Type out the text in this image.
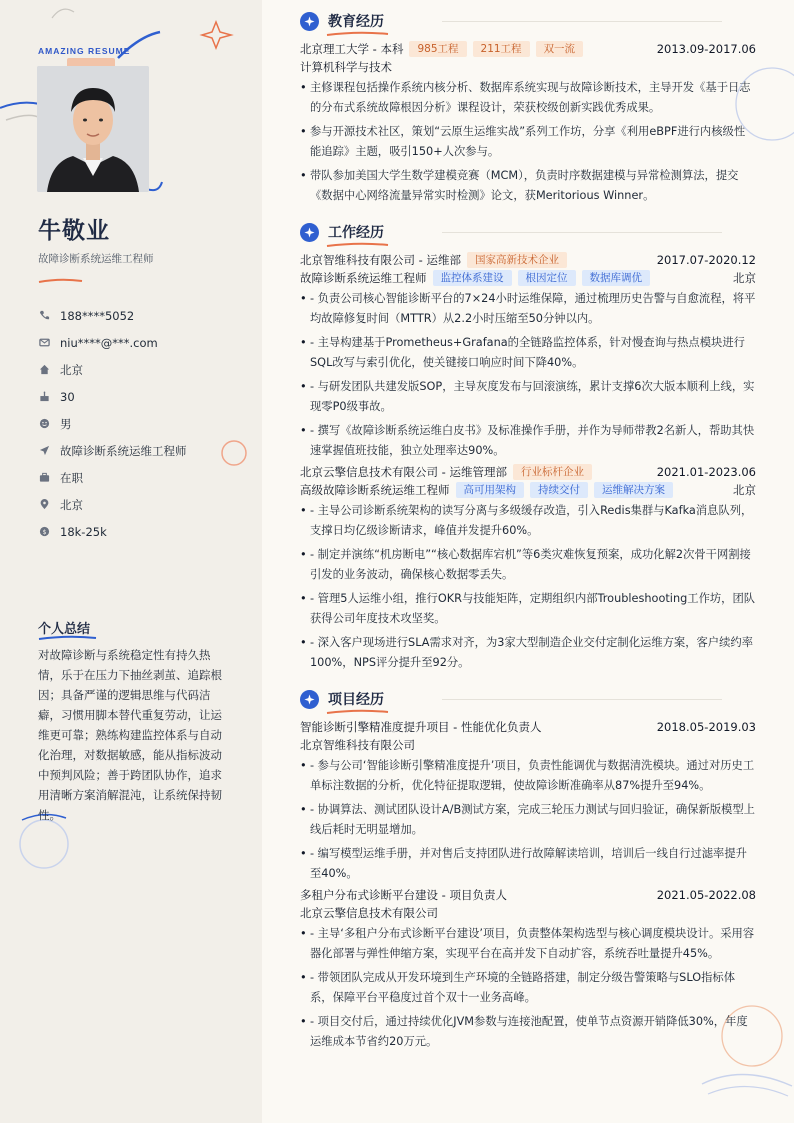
AMAZING RESUME
牛敬业
故障诊断系统运维工程师
188****5052
niu****@***.com
北京
30
男
故障诊断系统运维工程师
在职
北京
$ 18k-25k
个人总结
对故障诊断与系统稳定性有持久热情，乐于在压力下抽丝剥茧、追踪根因；具备严谨的逻辑思维与代码洁癖，习惯用脚本替代重复劳动，让运维更可靠；熟练构建监控体系与自动化治理，对数据敏感，能从指标波动中预判风险；善于跨团队协作，追求用清晰方案消解混沌，让系统保持韧性。
教育经历
北京理工大学 - 本科	985工程	211工程	双一流	2013.09-2017.06
计算机科学与技术
• 主修课程包括操作系统内核分析、数据库系统实现与故障诊断技术，主导开发《基于日志的分布式系统故障根因分析》课程设计，荣获校级创新实践优秀成果。
• 参与开源技术社区，策划“云原生运维实战”系列工作坊，分享《利用eBPF进行内核级性能追踪》主题，吸引150+人次参与。
• 带队参加美国大学生数学建模竞赛（MCM），负责时序数据建模与异常检测算法，提交《数据中心网络流量异常实时检测》论文，获Meritorious Winner。
工作经历
北京智维科技有限公司 - 运维部	国家高新技术企业	2017.07-2020.12
故障诊断系统运维工程师	监控体系建设	根因定位	数据库调优	北京
• - 负责公司核心智能诊断平台的7×24小时运维保障，通过梳理历史告警与自愈流程，将平均故障修复时间（MTTR）从2.2小时压缩至50分钟以内。
• - 主导构建基于Prometheus+Grafana的全链路监控体系，针对慢查询与热点模块进行SQL改写与索引优化，使关键接口响应时间下降40%。
• - 与研发团队共建发版SOP，主导灰度发布与回滚演练，累计支撑6次大版本顺利上线，实现零P0级事故。
• - 撰写《故障诊断系统运维白皮书》及标准操作手册，并作为导师带教2名新人，帮助其快速掌握值班技能，独立处理率达90%。
北京云擎信息技术有限公司 - 运维管理部	行业标杆企业	2021.01-2023.06
高级故障诊断系统运维工程师	高可用架构	持续交付	运维解决方案	北京
• - 主导公司诊断系统架构的读写分离与多级缓存改造，引入Redis集群与Kafka消息队列，支撑日均亿级诊断请求，峰值并发提升60%。
• - 制定并演练“机房断电”“核心数据库宕机”等6类灾难恢复预案，成功化解2次骨干网割接引发的业务波动，确保核心数据零丢失。
• - 管理5人运维小组，推行OKR与技能矩阵，定期组织内部Troubleshooting工作坊，团队获得公司年度技术攻坚奖。
• - 深入客户现场进行SLA需求对齐，为3家大型制造企业交付定制化运维方案，客户续约率100%，NPS评分提升至92分。
项目经历
智能诊断引擎精准度提升项目 - 性能优化负责人	2018.05-2019.03
北京智维科技有限公司
• - 参与公司‘智能诊断引擎精准度提升’项目，负责性能调优与数据清洗模块。通过对历史工单标注数据的分析，优化特征提取逻辑，使故障诊断准确率从87%提升至94%。
• - 协调算法、测试团队设计A/B测试方案，完成三轮压力测试与回归验证，确保新版模型上线后耗时无明显增加。
• - 编写模型运维手册，并对售后支持团队进行故障解读培训，培训后一线自行过滤率提升至40%。
多租户分布式诊断平台建设 - 项目负责人	2021.05-2022.08
北京云擎信息技术有限公司
• - 主导‘多租户分布式诊断平台建设’项目，负责整体架构选型与核心调度模块设计。采用容器化部署与弹性伸缩方案，实现平台在高并发下自动扩容，系统吞吐量提升45%。
• - 带领团队完成从开发环境到生产环境的全链路搭建，制定分级告警策略与SLO指标体系，保障平台平稳度过首个双十一业务高峰。
• - 项目交付后，通过持续优化JVM参数与连接池配置，使单节点资源开销降低30%，年度运维成本节省约20万元。
